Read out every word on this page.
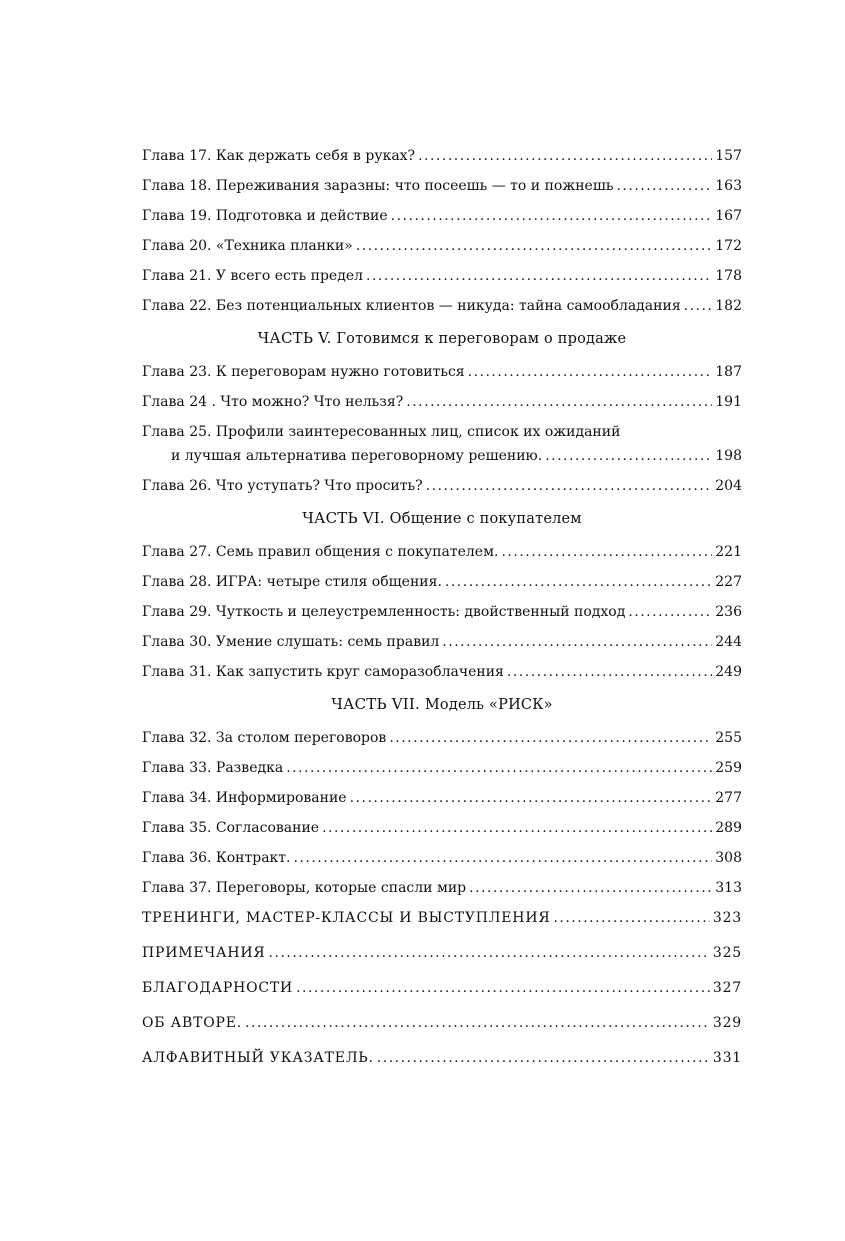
Глава 17. Как держать себя в руках? .....	157
Глава 18. Переживания заразны: что посеешь — то и пожнешь .....	163
Глава 19. Подготовка и действие .....	167
Глава 20. «Техника планки» .....	172
Глава 21. У всего есть предел .....	178
Глава 22. Без потенциальных клиентов — никуда: тайна самообладания ..... 182
ЧАСТЬ V. Готовимся к переговорам о продаже
Глава 23. К переговорам нужно готовиться .....	187
Глава 24 . Что можно? Что нельзя? .....	191
Глава 25. Профили заинтересованных лиц, список их ожиданий
и лучшая альтернатива переговорному решению. .....	198
Глава 26. Что уступать? Что просить? .....	204
ЧАСТЬ VI. Общение с покупателем
Глава 27. Семь правил общения с покупателем. .....	221
Глава 28. ИГРА: четыре стиля общения. .....	227
Глава 29. Чуткость и целеустремленность: двойственный подход .....	236
Глава 30. Умение слушать: семь правил .....	244
Глава 31. Как запустить круг саморазоблачения .....	249
ЧАСТЬ VII. Модель «РИСК»
Глава 32. За столом переговоров .....	255
Глава 33. Разведка .....	259
Глава 34. Информирование .....	277
Глава 35. Согласование .....	289
Глава 36. Контракт. .....	308
Глава 37. Переговоры, которые спасли мир .....	313
ТРЕНИНГИ, МАСТЕР-КЛАССЫ И ВЫСТУПЛЕНИЯ .....	323
ПРИМЕЧАНИЯ .....	325
БЛАГОДАРНОСТИ .....	327
ОБ АВТОРЕ. .....	329
АЛФАВИТНЫЙ УКАЗАТЕЛЬ. .....	331
